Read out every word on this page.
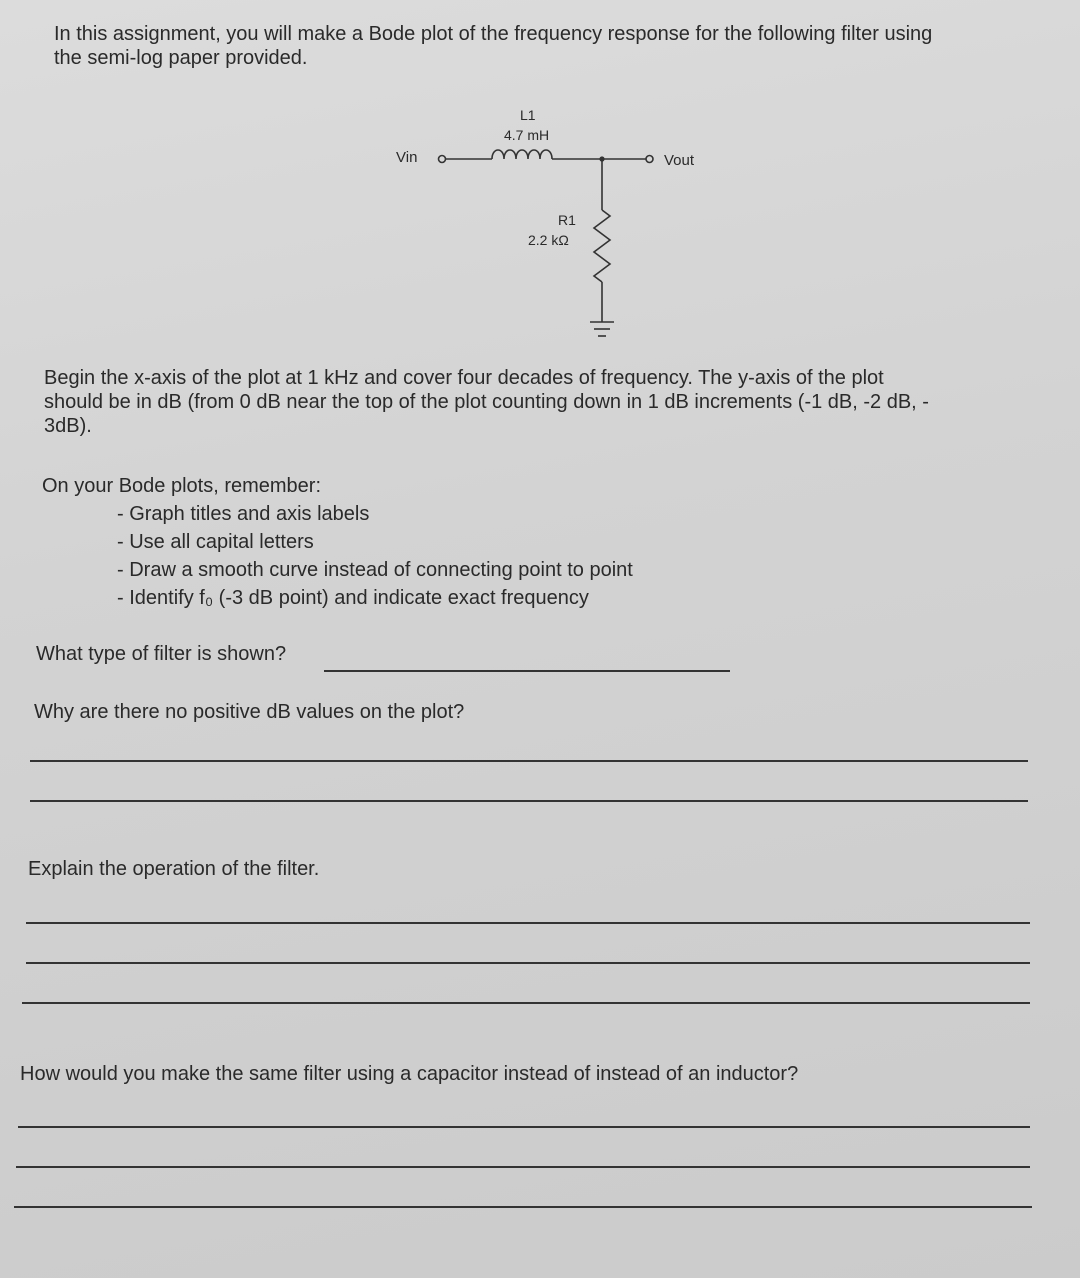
In this assignment, you will make a Bode plot of the frequency response for the following filter using
the semi-log paper provided.
L1
4.7 mH
Vin	Vout
R1
2.2 kΩ
Begin the x-axis of the plot at 1 kHz and cover four decades of frequency. The y-axis of the plot
should be in dB (from 0 dB near the top of the plot counting down in 1 dB increments (-1 dB, -2 dB, -
3dB).
On your Bode plots, remember:
- Graph titles and axis labels
- Use all capital letters
- Draw a smooth curve instead of connecting point to point
- Identify f₀ (-3 dB point) and indicate exact frequency
What type of filter is shown?
Why are there no positive dB values on the plot?
Explain the operation of the filter.
How would you make the same filter using a capacitor instead of instead of an inductor?
